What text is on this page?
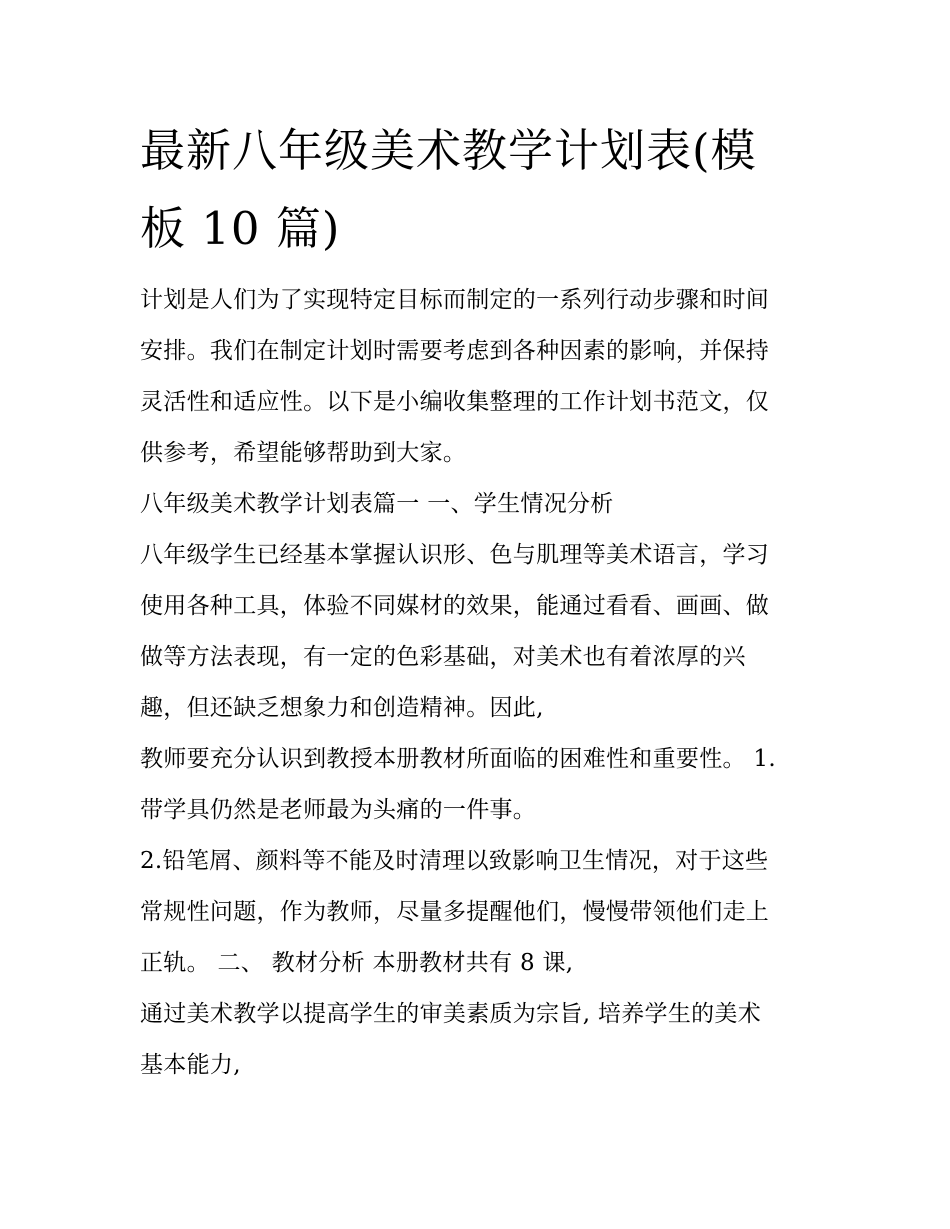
最新八年级美术教学计划表(模
板 10 篇)

计划是人们为了实现特定目标而制定的一系列行动步骤和时间
安排。我们在制定计划时需要考虑到各种因素的影响，并保持
灵活性和适应性。以下是小编收集整理的工作计划书范文，仅
供参考，希望能够帮助到大家。

八年级美术教学计划表篇一 一、学生情况分析

八年级学生已经基本掌握认识形、色与肌理等美术语言，学习
使用各种工具，体验不同媒材的效果，能通过看看、画画、做
做等方法表现，有一定的色彩基础，对美术也有着浓厚的兴
趣，但还缺乏想象力和创造精神。因此,

教师要充分认识到教授本册教材所面临的困难性和重要性。 1.
带学具仍然是老师最为头痛的一件事。

2.铅笔屑、颜料等不能及时清理以致影响卫生情况，对于这些
常规性问题，作为教师，尽量多提醒他们，慢慢带领他们走上
正轨。 二、 教材分析 本册教材共有 8 课,

通过美术教学以提高学生的审美素质为宗旨, 培养学生的美术
基本能力,
